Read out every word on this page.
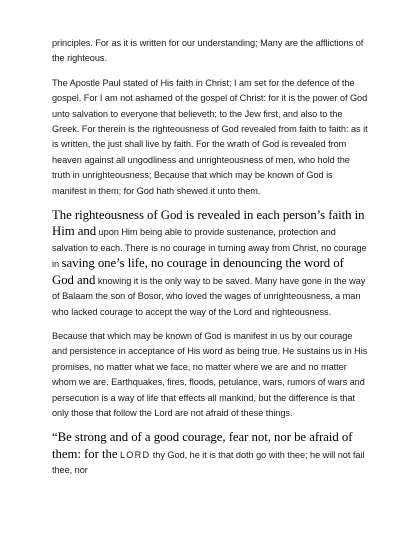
principles. For as it is written for our understanding; Many are the afflictions of the righteous.

The Apostle Paul stated of His faith in Christ; I am set for the defence of the gospel. For I am not ashamed of the gospel of Christ: for it is the power of God unto salvation to everyone that believeth; to the Jew first, and also to the Greek. For therein is the righteousness of God revealed from faith to faith: as it is written, the just shall live by faith. For the wrath of God is revealed from heaven against all ungodliness and unrighteousness of men, who hold the truth in unrighteousness; Because that which may be known of God is manifest in them; for God hath shewed it unto them.

The righteousness of God is revealed in each person’s faith in Him and upon Him being able to provide sustenance, protection and salvation to each. There is no courage in turning away from Christ, no courage in saving one’s life, no courage in denouncing the word of God and knowing it is the only way to be saved. Many have gone in the way of Balaam the son of Bosor, who loved the wages of unrighteousness, a man who lacked courage to accept the way of the Lord and righteousness.

Because that which may be known of God is manifest in us by our courage and persistence in acceptance of His word as being true. He sustains us in His promises, no matter what we face, no matter where we are and no matter whom we are. Earthquakes, fires, floods, petulance, wars, rumors of wars and persecution is a way of life that effects all mankind, but the difference is that only those that follow the Lord are not afraid of these things.

“Be strong and of a good courage, fear not, nor be afraid of them: for the LORD thy God, he it is that doth go with thee; he will not fail thee, nor
